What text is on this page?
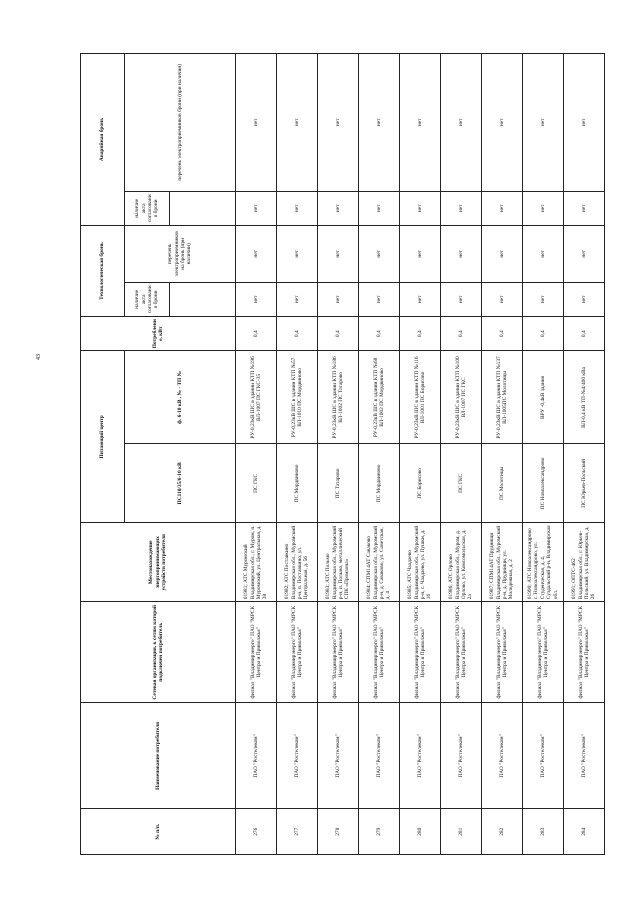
43
№ п/п.	Наименование потребителя	Сетевая организация, к сетям которой подключен потребитель	Местонахождение энергопринимающих устройств потребителя	Питающий центр		Потребление, кВт	Технологическая бронь		Аварийная бронь	
				ПС110/35/6-10 кВ	ф. 6-10 кВ , № - ТП №		наличие акта согласования брони	перечень электроприемников на бронь (при наличии)	наличие акта согласования брони	перечень электроприемников брони (при наличии)

276	ПАО "Ростелеком"	филиал "Владимирэнерго" ПАО "МРСК Центра и Приволжья"	01981; АТС Муромский Владимирская обл., г. Муром, п. Муромский, ул. Центральная, д. 38	ПС ГКС	РУ-0,23кВ ШС в здании КТП №196 ВЛ-1007 ПС ГКС-35	0,4	нет	нет	нет	нет
277	ПАО "Ростелеком"	филиал "Владимирэнерго" ПАО "МРСК Центра и Приволжья"	01982; АТС Поставкино Владимирская обл., Муромский р-н, п. Поставкино, ул. Центральная, д. 56	ПС Мордвиново	РУ-0,23кВ ШС в здании КТП №57 ВЛ-1010 ПС Мордвиново	0,4	нет	нет	нет	нет
278	ПАО "Ростелеком"	филиал "Владимирэнерго" ПАО "МРСК Центра и Приволжья"	01983; АТС Польмо Владимирская обл., Муромский р-н, п. Польмо, металлический СПК «Промзона»	ПС Татарово	РУ-0,23кВ ШС в здании КТП №186 ВЛ-1002 ПС Татарово	0,4	нет	нет	нет	нет
279	ПАО "Ростелеком"	филиал "Владимирэнерго" ПАО "МРСК Центра и Приволжья"	01984; СПМ14АТ Саваково Владимирская обл., Муромский р-н, д. Саваково, ул. Советская, д. 4	ПС Мордвиново	РУ-0,23кВ ШС в здании КТП №68 ВЛ-1002 ПС Мордвиново	0,4	нет	нет	нет	нет
280	ПАО "Ростелеком"	филиал "Владимирэнерго" ПАО "МРСК Центра и Приволжья"	01985; АТС Чаадаево Владимирская обл., Муромский р-н, с. Чаадаево, ул. Пушки, д. 16	ПС Борисово	РУ-0,23кВ ШС в здании КТП №116 ВЛ-1001 ПС Борисово	0,4	нет	нет	нет	нет
281	ПАО "Ростелеком"	филиал "Владимирэнерго" ПАО "МРСК Центра и Приволжья"	01986; АТС Орлово Владимирская обл., Муром, д. Орлово, ул. Комсомольская, д. 2а	ПС ГКС	РУ-0,23кВ ШС в здании КТП №100 ВЛ-1007 ПС ГКС	0,4	нет	нет	нет	нет
282	ПАО "Ростелеком"	филиал "Владимирэнерго" ПАО "МРСК Центра и Приволжья"	01987; СПМ14АТ Пруднищи Владимирская обл., Муромский р-н, д. Пруднищи, ул. Молодежная, д. 2	ПС Молотицы	РУ-0,23кВ ШС в здании КТП №137 ВЛ-1005ПС Молотицы	0,4	нет	нет	нет	нет
283	ПАО "Ростелеком"	филиал "Владимирэнерго" ПАО "МРСК Центра и Приволжья"	01990; АТС Новоалександрово с. Новоалександрово, ул. Студенческая, д. 4, Суздальский р-н, Владимирская обл.	ПС Новоалександрово	ВРУ -0,4кВ здания	0,4	нет	нет	нет	нет
284	ПАО "Ростелеком"	филиал "Владимирэнерго" ПАО "МРСК Центра и Приволжья"	01991; ОПТС-462 Владимирская обл., г. Юрьев-Польский, ул. Владимирская, д. 26	ПС Юрьев-Польский	ВЛ-0,4 кВ ТП-№4/400 кВа	0,4	нет	нет	нет	нет
